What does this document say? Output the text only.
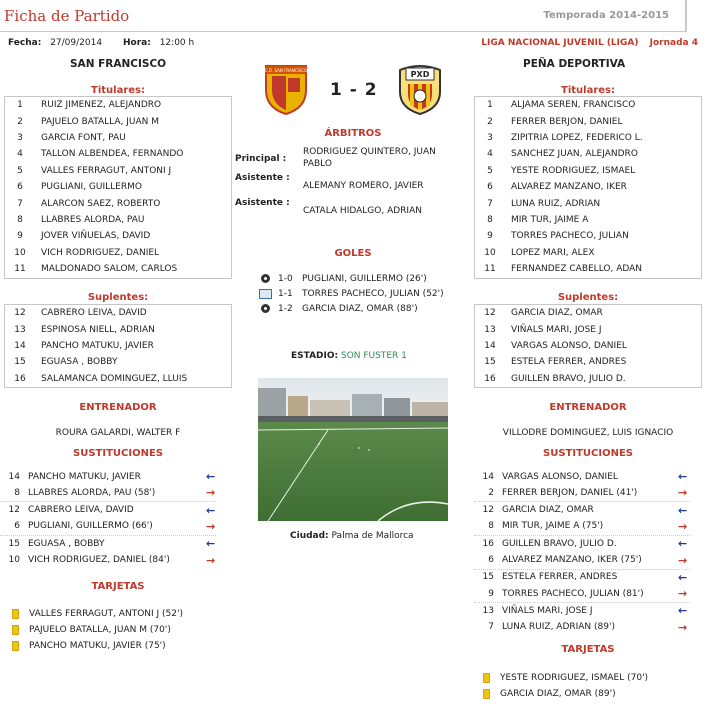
Ficha de Partido	Temporada 2014-2015
Fecha: 27/09/2014 Hora: 12:00 h	LIGA NACIONAL JUVENIL (LIGA) Jornada 4
SAN FRANCISCO	PEÑA DEPORTIVA
C.D. SAN FRANCISCO	PXD
1 - 2
Titulares:
1	RUIZ JIMENEZ, ALEJANDRO
2	PAJUELO BATALLA, JUAN M
3	GARCIA FONT, PAU
4	TALLON ALBENDEA, FERNANDO
5	VALLES FERRAGUT, ANTONI J
6	PUGLIANI, GUILLERMO
7	ALARCON SAEZ, ROBERTO
8	LLABRES ALORDA, PAU
9	JOVER VIÑUELAS, DAVID
10	VICH RODRIGUEZ, DANIEL
11	MALDONADO SALOM, CARLOS
Titulares:
1	ALJAMA SEREN, FRANCISCO
2	FERRER BERJON, DANIEL
3	ZIPITRIA LOPEZ, FEDERICO L.
4	SANCHEZ JUAN, ALEJANDRO
5	YESTE RODRIGUEZ, ISMAEL
6	ALVAREZ MANZANO, IKER
7	LUNA RUIZ, ADRIAN
8	MIR TUR, JAIME A
9	TORRES PACHECO, JULIAN
10	LOPEZ MARI, ALEX
11	FERNANDEZ CABELLO, ADAN
ÁRBITROS
Principal :
RODRIGUEZ QUINTERO, JUAN PABLO
Asistente :
ALEMANY ROMERO, JAVIER
Asistente :
CATALA HIDALGO, ADRIAN
GOLES
1-0	PUGLIANI, GUILLERMO (26')
1-1	TORRES PACHECO, JULIAN (52')
1-2	GARCIA DIAZ, OMAR (88')
Suplentes:
12	CABRERO LEIVA, DAVID
13	ESPINOSA NIELL, ADRIAN
14	PANCHO MATUKU, JAVIER
15	EGUASA , BOBBY
16	SALAMANCA DOMINGUEZ, LLUIS
Suplentes:
12	GARCIA DIAZ, OMAR
13	VIÑALS MARI, JOSE J
14	VARGAS ALONSO, DANIEL
15	ESTELA FERRER, ANDRES
16	GUILLEN BRAVO, JULIO D.
ESTADIO: SON FUSTER 1
Ciudad: Palma de Mallorca
ENTRENADOR
ROURA GALARDI, WALTER F
ENTRENADOR
VILLODRE DOMINGUEZ, LUIS IGNACIO
SUSTITUCIONES
14 PANCHO MATUKU, JAVIER	←
8 LLABRES ALORDA, PAU (58')	→
12 CABRERO LEIVA, DAVID	←
6 PUGLIANI, GUILLERMO (66')	→
15 EGUASA , BOBBY	←
10 VICH RODRIGUEZ, DANIEL (84')	→
SUSTITUCIONES
14 VARGAS ALONSO, DANIEL	←
2 FERRER BERJON, DANIEL (41')	→
12 GARCIA DIAZ, OMAR	←
8 MIR TUR, JAIME A (75')	→
16 GUILLEN BRAVO, JULIO D.	←
6 ALVAREZ MANZANO, IKER (75')	→
15 ESTELA FERRER, ANDRES	←
9 TORRES PACHECO, JULIAN (81')	→
13 VIÑALS MARI, JOSE J	←
7 LUNA RUIZ, ADRIAN (89')	→
TARJETAS
VALLES FERRAGUT, ANTONI J (52')
PAJUELO BATALLA, JUAN M (70')
PANCHO MATUKU, JAVIER (75')	TARJETAS
YESTE RODRIGUEZ, ISMAEL (70')
GARCIA DIAZ, OMAR (89')
